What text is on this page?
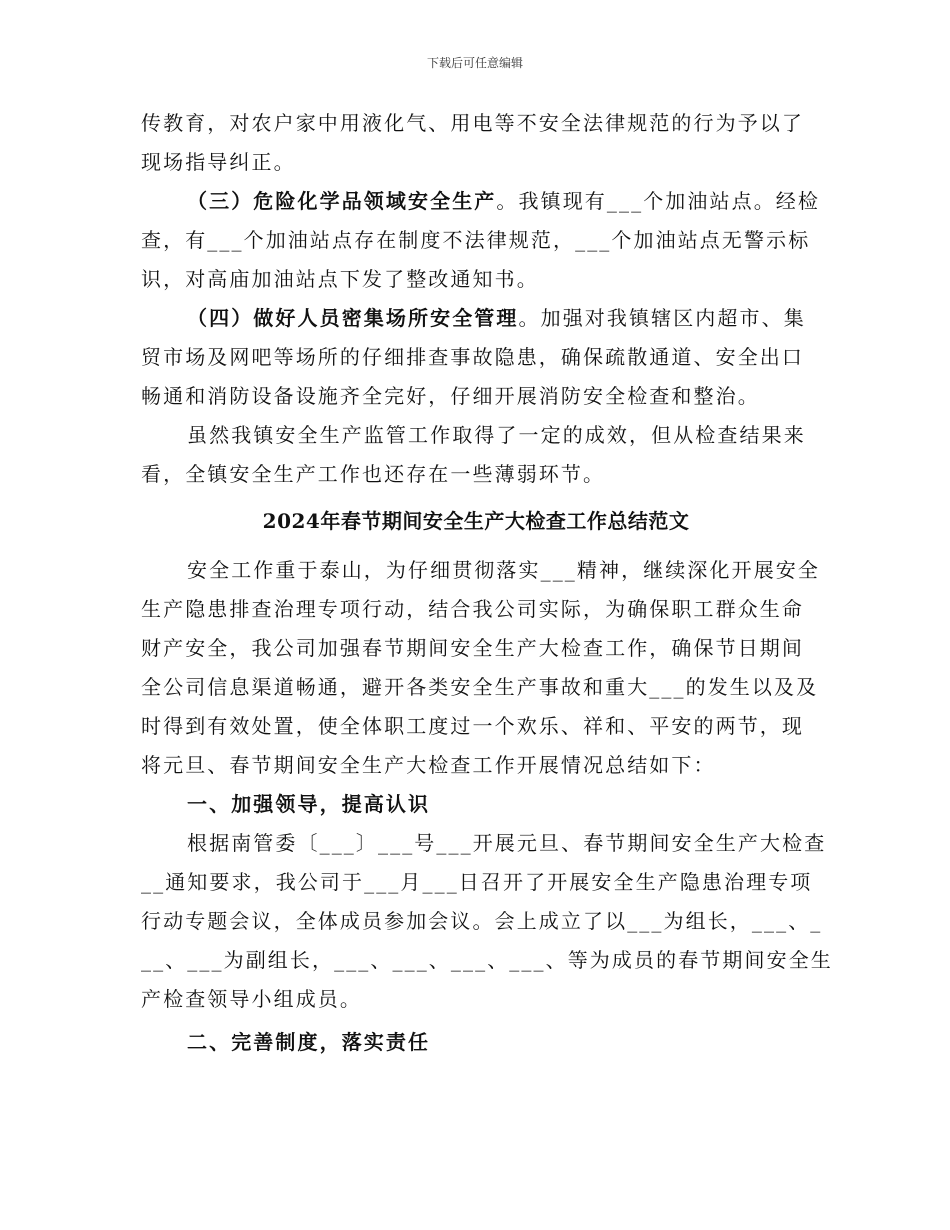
下载后可任意编辑
传教育，对农户家中用液化气、用电等不安全法律规范的行为予以了
现场指导纠正。
（三）危险化学品领域安全生产。我镇现有___个加油站点。经检
查，有___个加油站点存在制度不法律规范，___个加油站点无警示标
识，对高庙加油站点下发了整改通知书。
（四）做好人员密集场所安全管理。加强对我镇辖区内超市、集
贸市场及网吧等场所的仔细排查事故隐患，确保疏散通道、安全出口
畅通和消防设备设施齐全完好，仔细开展消防安全检查和整治。
虽然我镇安全生产监管工作取得了一定的成效，但从检查结果来
看，全镇安全生产工作也还存在一些薄弱环节。
2024年春节期间安全生产大检查工作总结范文
安全工作重于泰山，为仔细贯彻落实___精神，继续深化开展安全
生产隐患排查治理专项行动，结合我公司实际，为确保职工群众生命
财产安全，我公司加强春节期间安全生产大检查工作，确保节日期间
全公司信息渠道畅通，避开各类安全生产事故和重大___的发生以及及
时得到有效处置，使全体职工度过一个欢乐、祥和、平安的两节，现
将元旦、春节期间安全生产大检查工作开展情况总结如下：
一、加强领导，提高认识
根据南管委〔___〕___号___开展元旦、春节期间安全生产大检查
__通知要求，我公司于___月___日召开了开展安全生产隐患治理专项
行动专题会议，全体成员参加会议。会上成立了以___为组长，___、_
__、___为副组长，___、___、___、___、等为成员的春节期间安全生
产检查领导小组成员。
二、完善制度，落实责任
